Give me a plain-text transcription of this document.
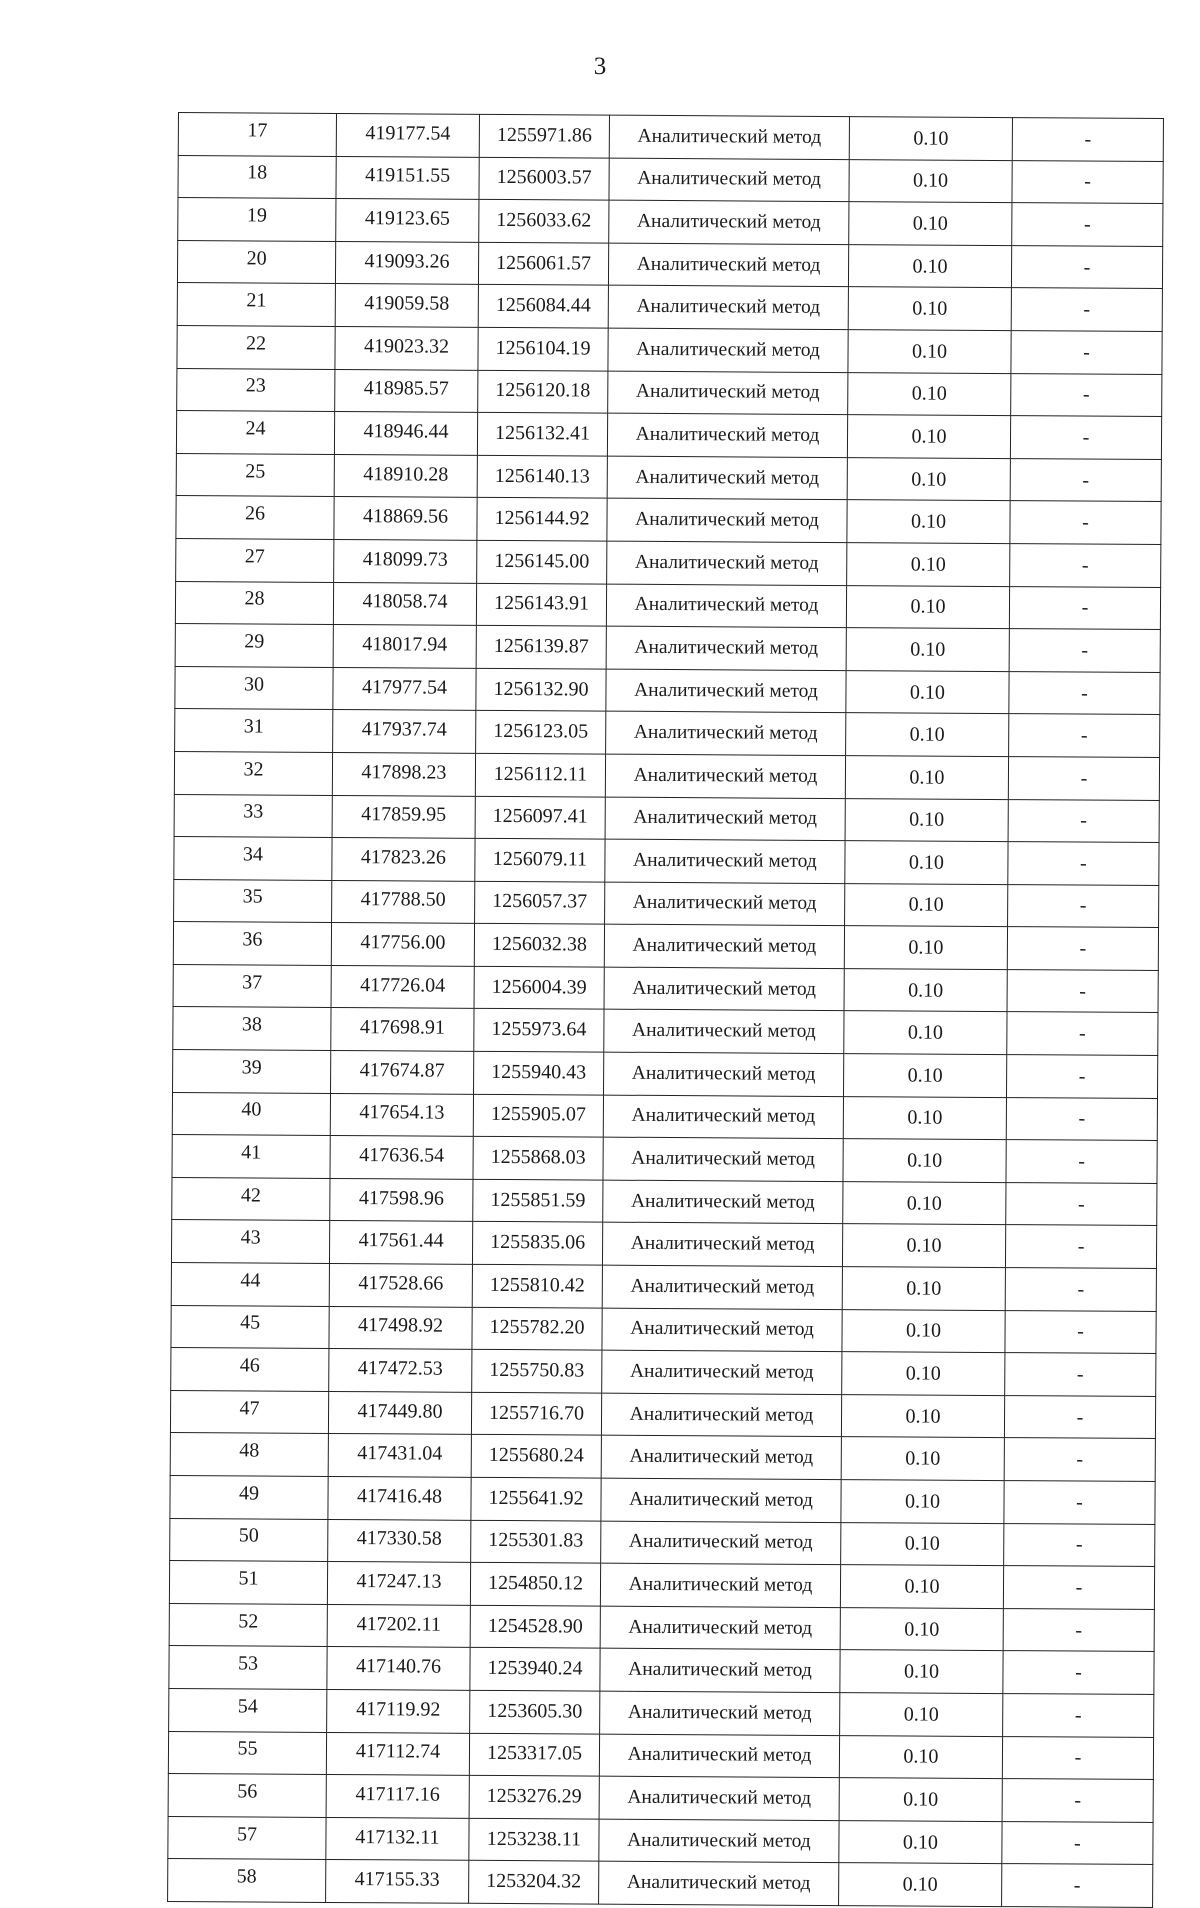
3
17	419177.54	1255971.86	Аналитический метод	0.10	-
18	419151.55	1256003.57	Аналитический метод	0.10	-
19	419123.65	1256033.62	Аналитический метод	0.10	-
20	419093.26	1256061.57	Аналитический метод	0.10	-
21	419059.58	1256084.44	Аналитический метод	0.10	-
22	419023.32	1256104.19	Аналитический метод	0.10	-
23	418985.57	1256120.18	Аналитический метод	0.10	-
24	418946.44	1256132.41	Аналитический метод	0.10	-
25	418910.28	1256140.13	Аналитический метод	0.10	-
26	418869.56	1256144.92	Аналитический метод	0.10	-
27	418099.73	1256145.00	Аналитический метод	0.10	-
28	418058.74	1256143.91	Аналитический метод	0.10	-
29	418017.94	1256139.87	Аналитический метод	0.10	-
30	417977.54	1256132.90	Аналитический метод	0.10	-
31	417937.74	1256123.05	Аналитический метод	0.10	-
32	417898.23	1256112.11	Аналитический метод	0.10	-
33	417859.95	1256097.41	Аналитический метод	0.10	-
34	417823.26	1256079.11	Аналитический метод	0.10	-
35	417788.50	1256057.37	Аналитический метод	0.10	-
36	417756.00	1256032.38	Аналитический метод	0.10	-
37	417726.04	1256004.39	Аналитический метод	0.10	-
38	417698.91	1255973.64	Аналитический метод	0.10	-
39	417674.87	1255940.43	Аналитический метод	0.10	-
40	417654.13	1255905.07	Аналитический метод	0.10	-
41	417636.54	1255868.03	Аналитический метод	0.10	-
42	417598.96	1255851.59	Аналитический метод	0.10	-
43	417561.44	1255835.06	Аналитический метод	0.10	-
44	417528.66	1255810.42	Аналитический метод	0.10	-
45	417498.92	1255782.20	Аналитический метод	0.10	-
46	417472.53	1255750.83	Аналитический метод	0.10	-
47	417449.80	1255716.70	Аналитический метод	0.10	-
48	417431.04	1255680.24	Аналитический метод	0.10	-
49	417416.48	1255641.92	Аналитический метод	0.10	-
50	417330.58	1255301.83	Аналитический метод	0.10	-
51	417247.13	1254850.12	Аналитический метод	0.10	-
52	417202.11	1254528.90	Аналитический метод	0.10	-
53	417140.76	1253940.24	Аналитический метод	0.10	-
54	417119.92	1253605.30	Аналитический метод	0.10	-
55	417112.74	1253317.05	Аналитический метод	0.10	-
56	417117.16	1253276.29	Аналитический метод	0.10	-
57	417132.11	1253238.11	Аналитический метод	0.10	-
58	417155.33	1253204.32	Аналитический метод	0.10	-
